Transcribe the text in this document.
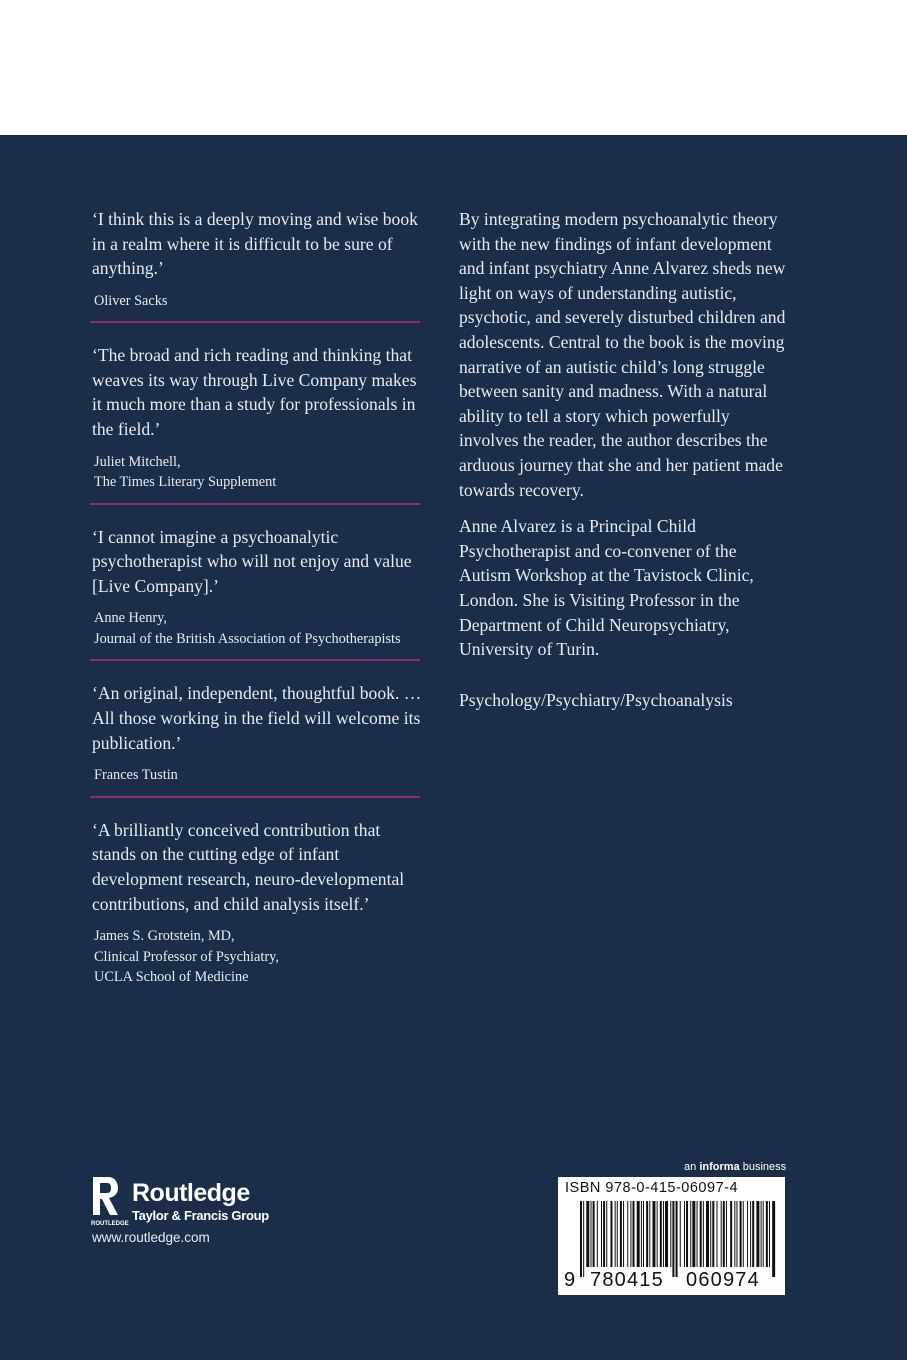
‘I think this is a deeply moving and wise book in a realm where it is difficult to be sure of anything.’

Oliver Sacks

‘The broad and rich reading and thinking that weaves its way through Live Company makes it much more than a study for professionals in the field.’

Juliet Mitchell,
The Times Literary Supplement

‘I cannot imagine a psychoanalytic psychotherapist who will not enjoy and value [Live Company].’

Anne Henry,
Journal of the British Association of Psychotherapists

‘An original, independent, thoughtful book. … All those working in the field will welcome its publication.’

Frances Tustin

‘A brilliantly conceived contribution that stands on the cutting edge of infant development research, neuro-developmental contributions, and child analysis itself.’

James S. Grotstein, MD,
Clinical Professor of Psychiatry,
UCLA School of Medicine

By integrating modern psychoanalytic theory with the new findings of infant development and infant psychiatry Anne Alvarez sheds new light on ways of understanding autistic, psychotic, and severely disturbed children and adolescents. Central to the book is the moving narrative of an autistic child’s long struggle between sanity and madness. With a natural ability to tell a story which powerfully involves the reader, the author describes the arduous journey that she and her patient made towards recovery.

Anne Alvarez is a Principal Child Psychotherapist and co-convener of the Autism Workshop at the Tavistock Clinic, London. She is Visiting Professor in the Department of Child Neuropsychiatry, University of Turin.

Psychology/Psychiatry/Psychoanalysis
ROUTLEDGE
Routledge
Taylor & Francis Group
www.routledge.com
an informa business
ISBN 978-0-415-06097-4
9 780415 060974
